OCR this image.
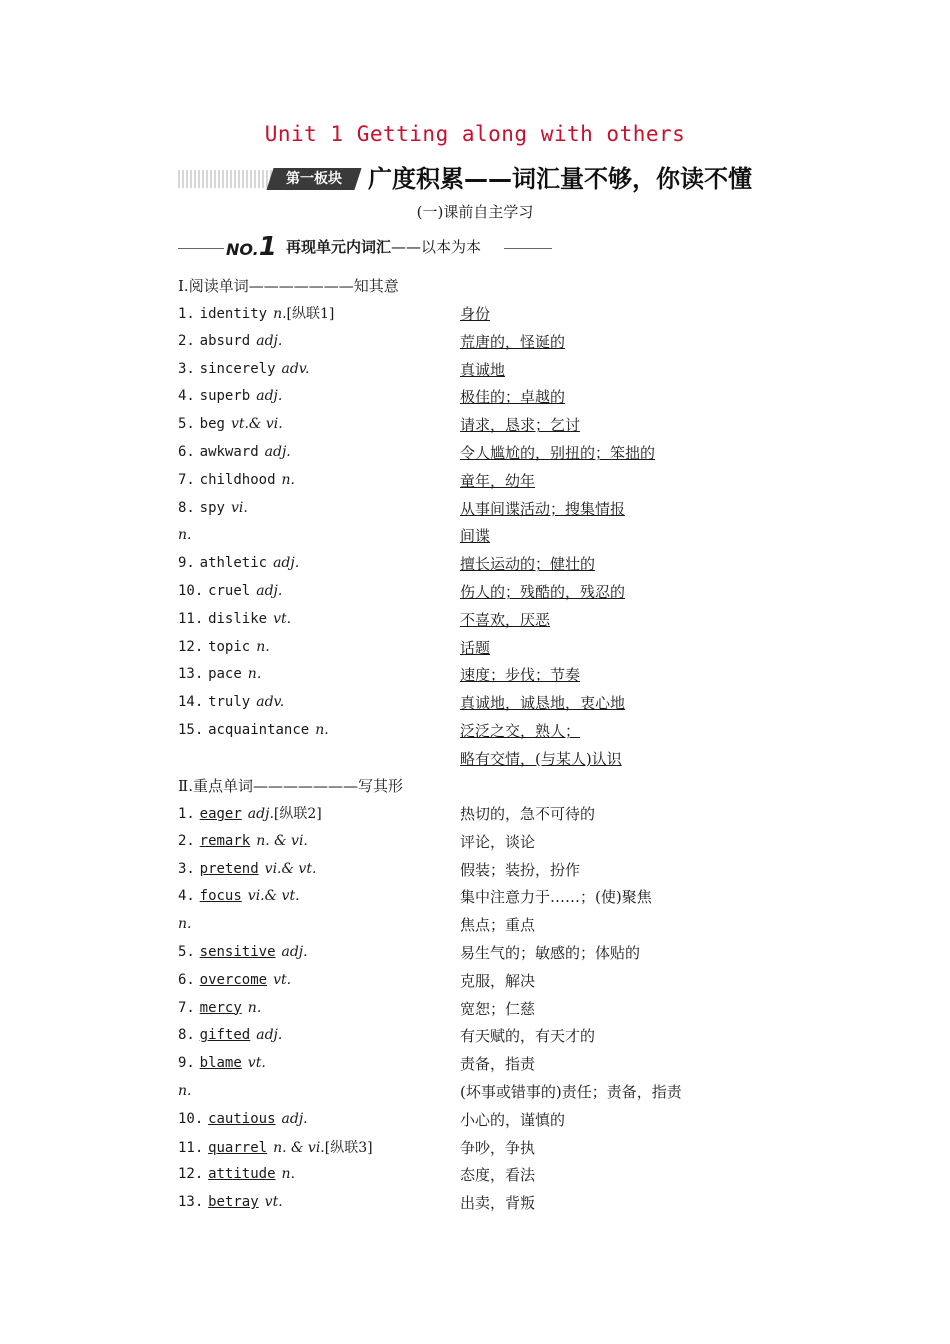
Unit 1 Getting along with others
第一板块	广度积累——词汇量不够，你读不懂
(一)课前自主学习
NO.1 再现单元内词汇——以本为本
Ⅰ.阅读单词———————知其意
1. identity n.[纵联1]	身份
2. absurd adj.	荒唐的，怪诞的
3. sincerely adv.	真诚地
4. superb adj.	极佳的；卓越的
5. beg vt.& vi.	请求，恳求；乞讨
6. awkward adj.	令人尴尬的，别扭的；笨拙的
7. childhood n.	童年，幼年
8. spy vi.	从事间谍活动；搜集情报
n.	间谍
9. athletic adj.	擅长运动的；健壮的
10. cruel adj.	伤人的；残酷的，残忍的
11. dislike vt.	不喜欢，厌恶
12. topic n.	话题
13. pace n.	速度；步伐；节奏
14. truly adv.	真诚地，诚恳地，衷心地
15. acquaintance n.	泛泛之交，熟人；
略有交情，(与某人)认识
Ⅱ.重点单词———————写其形
1. eager adj.[纵联2]	热切的，急不可待的
2. remark n. & vi.	评论，谈论
3. pretend vi.& vt.	假装；装扮，扮作
4. focus vi.& vt.	集中注意力于……；(使)聚焦
n.	焦点；重点
5. sensitive adj.	易生气的；敏感的；体贴的
6. overcome vt.	克服，解决
7. mercy n.	宽恕；仁慈
8. gifted adj.	有天赋的，有天才的
9. blame vt.	责备，指责
n.	(坏事或错事的)责任；责备，指责
10. cautious adj.	小心的，谨慎的
11. quarrel n. & vi.[纵联3]	争吵，争执
12. attitude n.	态度，看法
13. betray vt.	出卖，背叛
